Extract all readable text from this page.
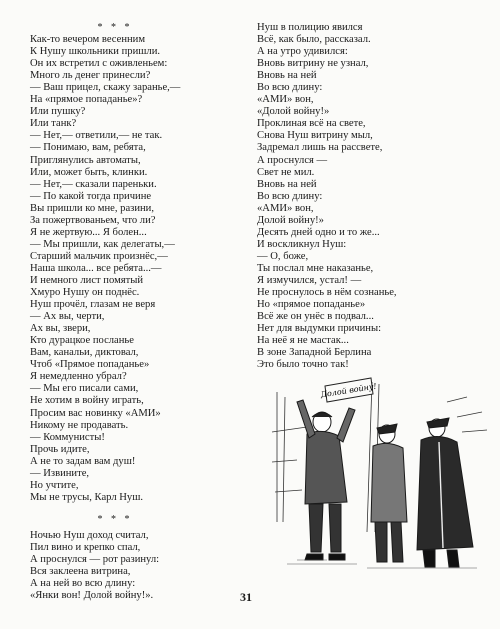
* * *
Как-то вечером весенним
К Нушу школьники пришли.
Он их встретил с оживленьем:
Много ль денег принесли?
— Ваш прицел, скажу заранье,—
На «прямое попаданье»?
Или пушку?
Или танк?
— Нет,— ответили,— не так.
— Понимаю, вам, ребята,
Приглянулись автоматы,
Или, может быть, клинки.
— Нет,— сказали пареньки.
— По какой тогда причине
Вы пришли ко мне, разини,
За пожертвованьем, что ли?
Я не жертвую... Я болен...
— Мы пришли, как делегаты,—
Старший мальчик произнёс,—
Наша школа... все ребята...—
И немного лист помятый
Хмуро Нушу он поднёс.
Нуш прочёл, глазам не веря
— Ах вы, черти,
Ах вы, звери,
Кто дурацкое посланье
Вам, канальи, диктовал,
Чтоб «Прямое попаданье»
Я немедленно убрал?
— Мы его писали сами,
Не хотим в войну играть,
Просим вас новинку «АМИ»
Никому не продавать.
— Коммунисты!
Прочь идите,
А не то задам вам душ!
— Извините,
Но учтите,
Мы не трусы, Карл Нуш.
* * *
Ночью Нуш доход считал,
Пил вино и крепко спал,
А проснулся — рот разинул:
Вся заклеена витрина,
А на ней во всю длину:
«Янки вон! Долой войну!».
Нуш в полицию явился
Всё, как было, рассказал.
А на утро удивился:
Вновь витрину не узнал,
Вновь на ней
Во всю длину:
«АМИ» вон,
«Долой войну!»
Проклиная всё на свете,
Снова Нуш витрину мыл,
Задремал лишь на рассвете,
А проснулся —
Свет не мил.
Вновь на ней
Во всю длину:
«АМИ» вон,
Долой войну!»
Десять дней одно и то же...
И воскликнул Нуш:
— О, боже,
Ты послал мне наказанье,
Я измучился, устал! —
Не проснулось в нём сознанье,
Но «прямое попаданье»
Всё же он унёс в подвал...
Нет для выдумки причины:
На неё я не мастак...
В зоне Западной Берлина
Это было точно так!
Долой войну!
31
